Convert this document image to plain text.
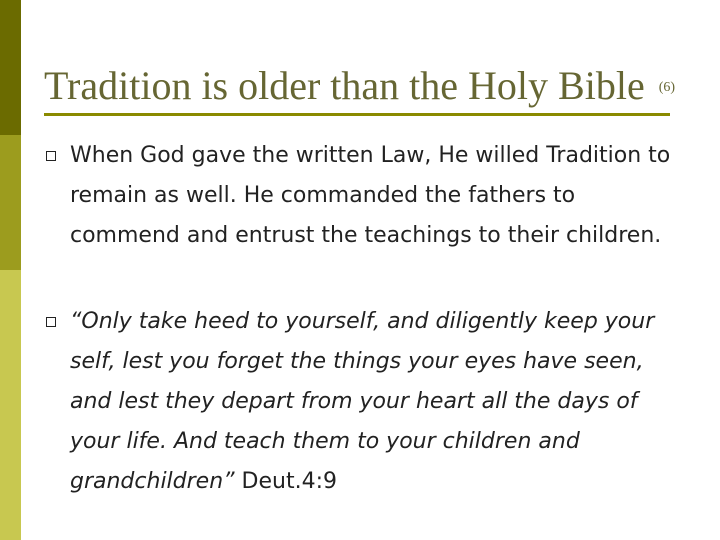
Tradition is older than the Holy Bible $^{(6)}$
When God gave the written Law, He willed Tradition to remain as well. He commanded the fathers to commend and entrust the teachings to their children.
“Only take heed to yourself, and diligently keep your self, lest you forget the things your eyes have seen, and lest they depart from your heart all the days of your life. And teach them to your children and grandchildren” Deut.4:9
